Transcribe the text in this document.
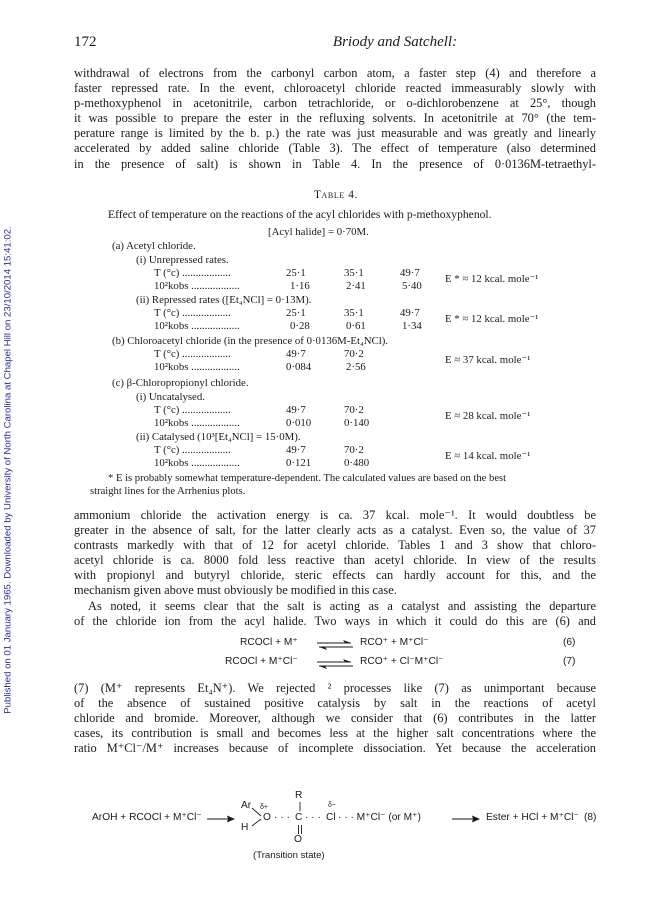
Published on 01 January 1965. Downloaded by University of North Carolina at Chapel Hill on 23/10/2014 15:41:02.
172	Briody and Satchell:
withdrawal of electrons from the carbonyl carbon atom, a faster step (4) and therefore a
faster repressed rate. In the event, chloroacetyl chloride reacted immeasurably slowly with
p-methoxyphenol in acetonitrile, carbon tetrachloride, or o-dichlorobenzene at 25°, though
it was possible to prepare the ester in the refluxing solvents. In acetonitrile at 70° (the tem-
perature range is limited by the b. p.) the rate was just measurable and was greatly and linearly
accelerated by added saline chloride (Table 3). The effect of temperature (also determined
in the presence of salt) is shown in Table 4. In the presence of 0·0136M-tetraethyl-
Table 4.
Effect of temperature on the reactions of the acyl chlorides with p-methoxyphenol.
[Acyl halide] = 0·70M.
(a) Acetyl chloride.
(i) Unrepressed rates.
T (°c) ..................	25·1	35·1	49·7
10²kobs ..................	1·16	2·41	5·40
E * ≈ 12 kcal. mole⁻¹
(ii) Repressed rates ([Et₄NCl] = 0·13M).
T (°c) ..................	25·1	35·1	49·7
10²kobs ..................	0·28	0·61	1·34
E * ≈ 12 kcal. mole⁻¹
(b) Chloroacetyl chloride (in the presence of 0·0136M-Et₄NCl).
T (°c) ..................	49·7	70·2
10²kobs ..................	0·084	2·56
E ≈ 37 kcal. mole⁻¹
(c) β-Chloropropionyl chloride.
(i) Uncatalysed.
T (°c) ..................	49·7	70·2
10²kobs ..................	0·010	0·140
E ≈ 28 kcal. mole⁻¹
(ii) Catalysed (10³[Et₄NCl] = 15·0M).
T (°c) ..................	49·7	70·2
10²kobs ..................	0·121	0·480
E ≈ 14 kcal. mole⁻¹
* E is probably somewhat temperature-dependent. The calculated values are based on the best
straight lines for the Arrhenius plots.
ammonium chloride the activation energy is ca. 37 kcal. mole⁻¹. It would doubtless be
greater in the absence of salt, for the latter clearly acts as a catalyst. Even so, the value of 37
contrasts markedly with that of 12 for acetyl chloride. Tables 1 and 3 show that chloro-
acetyl chloride is ca. 8000 fold less reactive than acetyl chloride. In view of the results
with propionyl and butyryl chloride, steric effects can hardly account for this, and the
mechanism given above must obviously be modified in this case.
As noted, it seems clear that the salt is acting as a catalyst and assisting the departure
of the chloride ion from the acyl halide. Two ways in which it could do this are (6) and
RCOCl + M⁺ ⇌ RCO⁺ + M⁺Cl⁻	(6)
RCOCl + M⁺Cl⁻ ⇌ RCO⁺ + Cl⁻M⁺Cl⁻	(7)
(7) (M⁺ represents Et₄N⁺). We rejected ² processes like (7) as unimportant because
of the absence of sustained positive catalysis by salt in the reactions of acetyl
chloride and bromide. Moreover, although we consider that (6) contributes in the latter
cases, its contribution is small and becomes less at the higher salt concentrations where the
ratio M⁺Cl⁻/M⁺ increases because of incomplete dissociation. Yet because the acceleration
ArOH + RCOCl + M⁺Cl⁻ →
Ar
H
δ+
O · · ·
R
C
O
· · ·
δ−
Cl · · · M⁺Cl⁻ (or M⁺) → Ester + HCl + M⁺Cl⁻ (8)
(Transition state)
